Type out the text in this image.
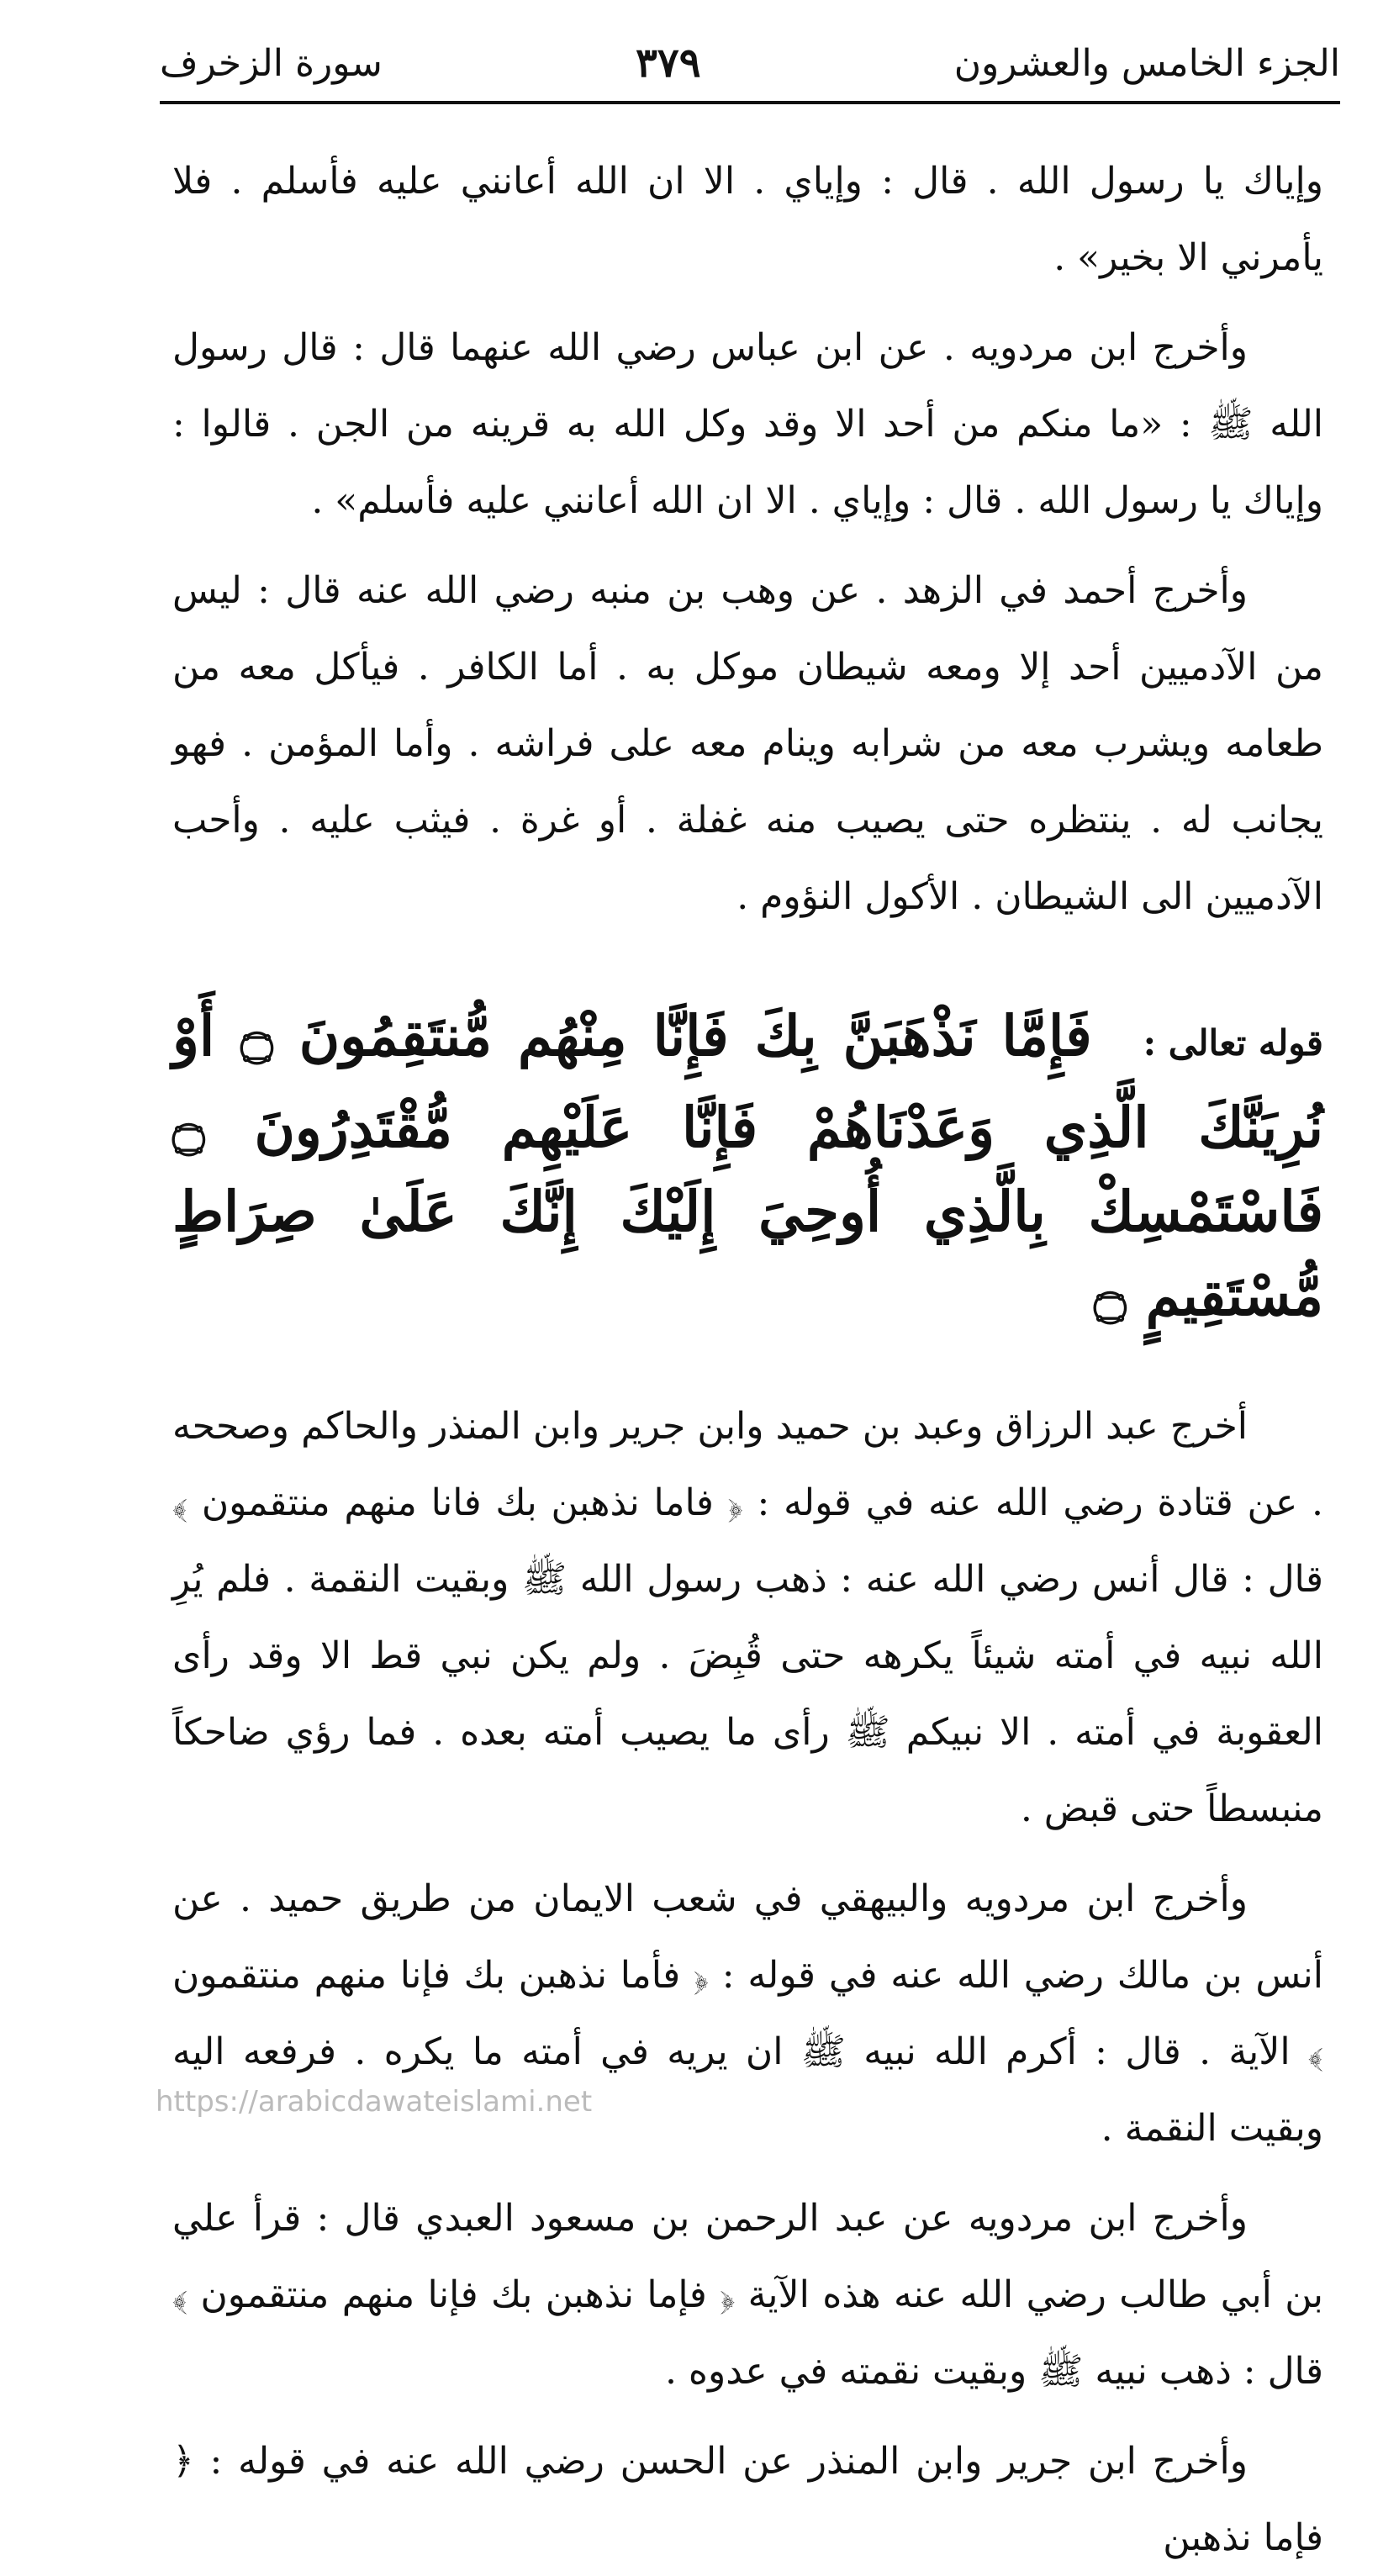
الجزء الخامس والعشرون
٣٧٩
سورة الزخرف

وإياك يا رسول الله . قال : وإياي . الا ان الله أعانني عليه فأسلم . فلا يأمرني الا بخير» .

وأخرج ابن مردويه . عن ابن عباس رضي الله عنهما قال : قال رسول الله ﷺ : «ما منكم من أحد الا وقد وكل الله به قرينه من الجن . قالوا : وإياك يا رسول الله . قال : وإياي . الا ان الله أعانني عليه فأسلم» .

وأخرج أحمد في الزهد . عن وهب بن منبه رضي الله عنه قال : ليس من الآدميين أحد إلا ومعه شيطان موكل به . أما الكافر . فيأكل معه من طعامه ويشرب معه من شرابه وينام معه على فراشه . وأما المؤمن . فهو يجانب له . ينتظره حتى يصيب منه غفلة . أو غرة . فيثب عليه . وأحب الآدميين الى الشيطان . الأكول النؤوم .

قوله تعالى : فَإِمَّا نَذْهَبَنَّ بِكَ فَإِنَّا مِنْهُم مُّنتَقِمُونَ ۝ أَوْ نُرِيَنَّكَ الَّذِي وَعَدْنَاهُمْ فَإِنَّا عَلَيْهِم مُّقْتَدِرُونَ ۝ فَاسْتَمْسِكْ بِالَّذِي أُوحِيَ إِلَيْكَ إِنَّكَ عَلَىٰ صِرَاطٍ مُّسْتَقِيمٍ ۝

أخرج عبد الرزاق وعبد بن حميد وابن جرير وابن المنذر والحاكم وصححه . عن قتادة رضي الله عنه في قوله : ﴿ فاما نذهبن بك فانا منهم منتقمون ﴾ قال : قال أنس رضي الله عنه : ذهب رسول الله ﷺ وبقيت النقمة . فلم يُرِ الله نبيه في أمته شيئاً يكرهه حتى قُبِضَ . ولم يكن نبي قط الا وقد رأى العقوبة في أمته . الا نبيكم ﷺ رأى ما يصيب أمته بعده . فما رؤي ضاحكاً منبسطاً حتى قبض .

وأخرج ابن مردويه والبيهقي في شعب الايمان من طريق حميد . عن أنس بن مالك رضي الله عنه في قوله : ﴿ فأما نذهبن بك فإنا منهم منتقمون ﴾ الآية . قال : أكرم الله نبيه ﷺ ان يريه في أمته ما يكره . فرفعه اليه وبقيت النقمة .

وأخرج ابن مردويه عن عبد الرحمن بن مسعود العبدي قال : قرأ علي بن أبي طالب رضي الله عنه هذه الآية ﴿ فإما نذهبن بك فإنا منهم منتقمون ﴾ قال : ذهب نبيه ﷺ وبقيت نقمته في عدوه .

وأخرج ابن جرير وابن المنذر عن الحسن رضي الله عنه في قوله : ﴿ فإما نذهبن

https://arabicdawateislami.net
